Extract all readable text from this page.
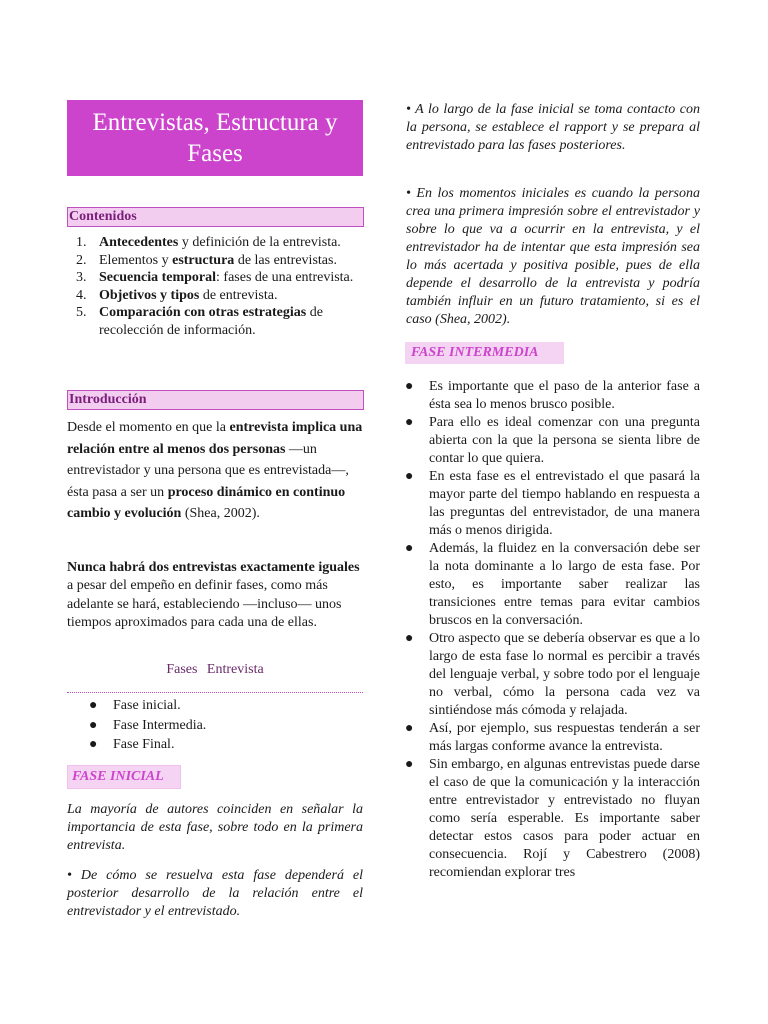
Entrevistas, Estructura y Fases
Contenidos
1. Antecedentes y definición de la entrevista.
2. Elementos y estructura de las entrevistas.
3. Secuencia temporal: fases de una entrevista.
4. Objetivos y tipos de entrevista.
5. Comparación con otras estrategias de recolección de información.
Introducción
Desde el momento en que la entrevista implica una relación entre al menos dos personas —un entrevistador y una persona que es entrevistada—, ésta pasa a ser un proceso dinámico en continuo cambio y evolución (Shea, 2002).
Nunca habrá dos entrevistas exactamente iguales a pesar del empeño en definir fases, como más adelante se hará, estableciendo —incluso— unos tiempos aproximados para cada una de ellas.
Fases Entrevista
● Fase inicial.
● Fase Intermedia.
● Fase Final.
FASE INICIAL
La mayoría de autores coinciden en señalar la importancia de esta fase, sobre todo en la primera entrevista.
• De cómo se resuelva esta fase dependerá el posterior desarrollo de la relación entre el entrevistador y el entrevistado.
• A lo largo de la fase inicial se toma contacto con la persona, se establece el rapport y se prepara al entrevistado para las fases posteriores.
• En los momentos iniciales es cuando la persona crea una primera impresión sobre el entrevistador y sobre lo que va a ocurrir en la entrevista, y el entrevistador ha de intentar que esta impresión sea lo más acertada y positiva posible, pues de ella depende el desarrollo de la entrevista y podría también influir en un futuro tratamiento, si es el caso (Shea, 2002).
FASE INTERMEDIA
● Es importante que el paso de la anterior fase a ésta sea lo menos brusco posible.
● Para ello es ideal comenzar con una pregunta abierta con la que la persona se sienta libre de contar lo que quiera.
● En esta fase es el entrevistado el que pasará la mayor parte del tiempo hablando en respuesta a las preguntas del entrevistador, de una manera más o menos dirigida.
● Además, la fluidez en la conversación debe ser la nota dominante a lo largo de esta fase. Por esto, es importante saber realizar las transiciones entre temas para evitar cambios bruscos en la conversación.
● Otro aspecto que se debería observar es que a lo largo de esta fase lo normal es percibir a través del lenguaje verbal, y sobre todo por el lenguaje no verbal, cómo la persona cada vez va sintiéndose más cómoda y relajada.
● Así, por ejemplo, sus respuestas tenderán a ser más largas conforme avance la entrevista.
● Sin embargo, en algunas entrevistas puede darse el caso de que la comunicación y la interacción entre entrevistador y entrevistado no fluyan como sería esperable. Es importante saber detectar estos casos para poder actuar en consecuencia. Rojí y Cabestrero (2008) recomiendan explorar tres
